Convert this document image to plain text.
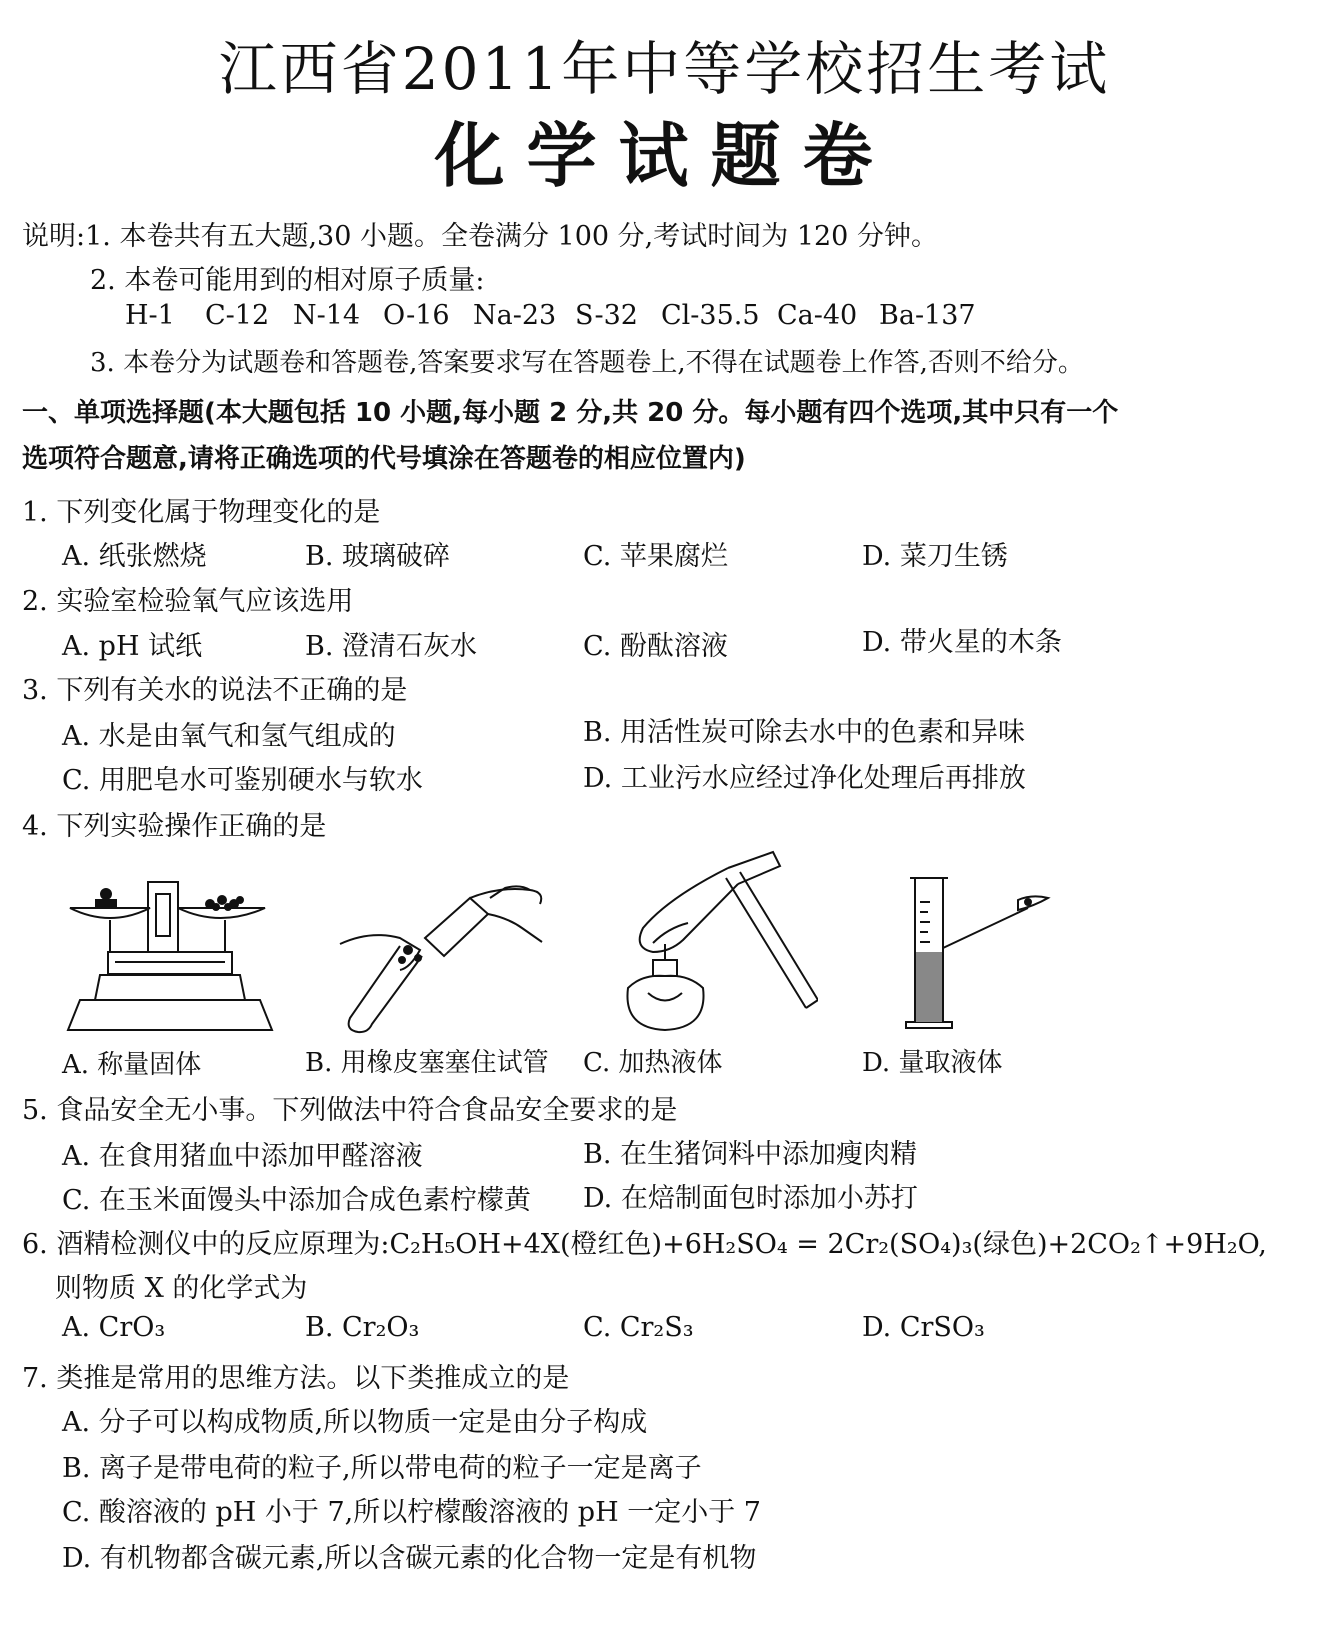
江西省2011年中等学校招生考试
化学试题卷
说明:1. 本卷共有五大题,30 小题。全卷满分 100 分,考试时间为 120 分钟。
2. 本卷可能用到的相对原子质量:
H-1 C-12 N-14 O-16 Na-23 S-32 Cl-35.5 Ca-40 Ba-137
3. 本卷分为试题卷和答题卷,答案要求写在答题卷上,不得在试题卷上作答,否则不给分。
一、单项选择题(本大题包括 10 小题,每小题 2 分,共 20 分。每小题有四个选项,其中只有一个
选项符合题意,请将正确选项的代号填涂在答题卷的相应位置内)
1. 下列变化属于物理变化的是
A. 纸张燃烧	B. 玻璃破碎	C. 苹果腐烂	D. 菜刀生锈
2. 实验室检验氧气应该选用
A. pH 试纸	B. 澄清石灰水	C. 酚酞溶液	D. 带火星的木条
3. 下列有关水的说法不正确的是
A. 水是由氧气和氢气组成的	B. 用活性炭可除去水中的色素和异味
C. 用肥皂水可鉴别硬水与软水	D. 工业污水应经过净化处理后再排放
4. 下列实验操作正确的是
A. 称量固体	B. 用橡皮塞塞住试管 C. 加热液体	D. 量取液体
5. 食品安全无小事。下列做法中符合食品安全要求的是
A. 在食用猪血中添加甲醛溶液	B. 在生猪饲料中添加瘦肉精
C. 在玉米面馒头中添加合成色素柠檬黄 D. 在焙制面包时添加小苏打
6. 酒精检测仪中的反应原理为:C₂H₅OH+4X(橙红色)+6H₂SO₄ = 2Cr₂(SO₄)₃(绿色)+2CO₂↑+9H₂O,
则物质 X 的化学式为
A. CrO₃	B. Cr₂O₃	C. Cr₂S₃	D. CrSO₃
7. 类推是常用的思维方法。以下类推成立的是
A. 分子可以构成物质,所以物质一定是由分子构成
B. 离子是带电荷的粒子,所以带电荷的粒子一定是离子
C. 酸溶液的 pH 小于 7,所以柠檬酸溶液的 pH 一定小于 7
D. 有机物都含碳元素,所以含碳元素的化合物一定是有机物
